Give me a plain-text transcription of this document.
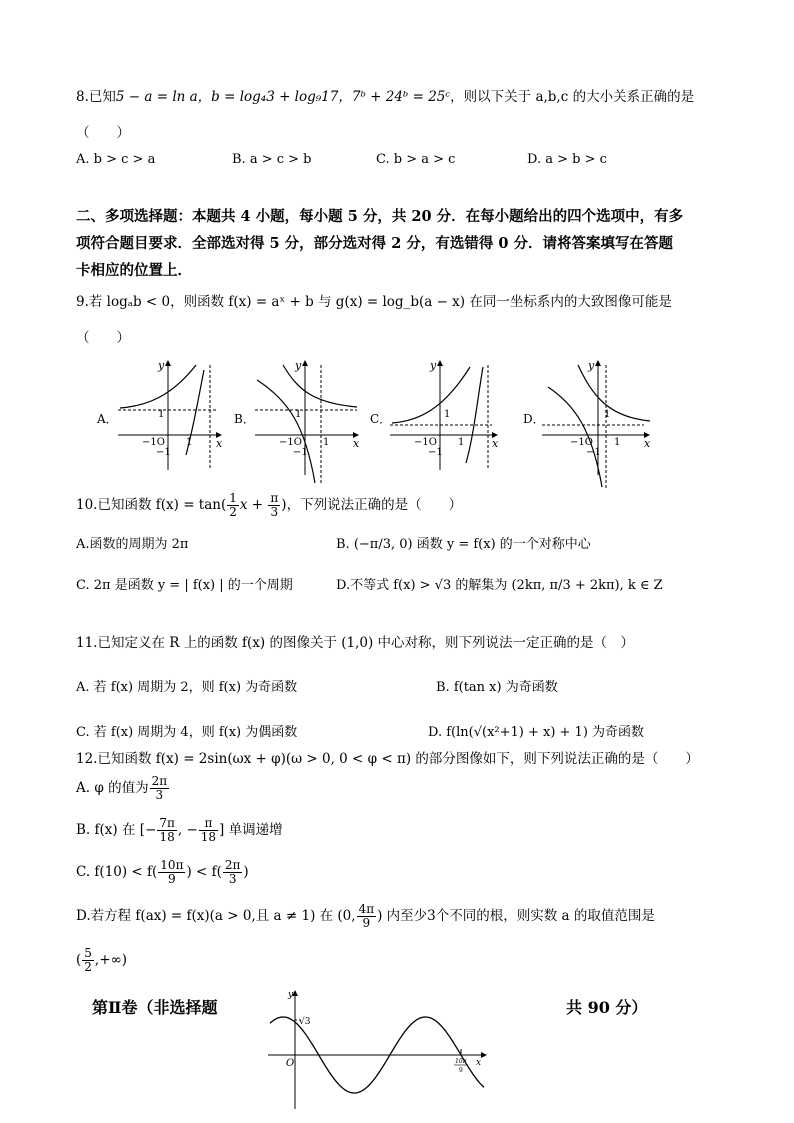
8.已知5 − a = ln a，b = log₄3 + log₉17，7ᵇ + 24ᵇ = 25ᶜ，则以下关于 a,b,c 的大小关系正确的是
（　　）
A. b > c > a	B. a > c > b	C. b > a > c	D. a > b > c
二、多项选择题：本题共 4 小题，每小题 5 分，共 20 分．在每小题给出的四个选项中，有多
项符合题目要求．全部选对得 5 分，部分选对得 2 分，有选错得 0 分．请将答案填写在答题
卡相应的位置上．
9.若 logₐb < 0，则函数 f(x) = aˣ + b 与 g(x) = log_b(a − x) 在同一坐标系内的大致图像可能是
（　　）
A．	B．	C．	D．
y
x
1
−1O 1
−1
y
x
1
−1O 1
−1
y
x
1
−1O 1
−1
y
x
1
−1O 1
−1
10.已知函数 $f(x) = \tan( \frac{1}{2}$ $x + \frac{\pi}{3}$ )，下列说法正确的是（　　）
A.函数的周期为 2π	B. (−π/3, 0) 函数 y = f(x) 的一个对称中心
C. 2π 是函数 y = | f(x) | 的一个周期	D.不等式 f(x) > √3 的解集为 (2kπ, π/3 + 2kπ), k ∈ Z
11.已知定义在 R 上的函数 f(x) 的图像关于 (1,0) 中心对称，则下列说法一定正确的是（　）
A. 若 f(x) 周期为 2，则 f(x) 为奇函数	B. f(tan x) 为奇函数
C. 若 f(x) 周期为 4，则 f(x) 为偶函数	D. f(ln(√(x²+1) + x) + 1) 为奇函数
12.已知函数 f(x) = 2sin(ωx + φ)(ω > 0, 0 < φ < π) 的部分图像如下，则下列说法正确的是（　　）
A. φ 的值为 $\frac{2\pi}{3}$
B. f(x) 在 [− $\frac{7\pi}{18}$ , − $\frac{\pi}{18}$ ] 单调递增
C. $f(10) < f( \frac{10\pi}{9}$ ) < $f( \frac{2\pi}{3}$ )
D.若方程 f(ax) = f(x)(a > 0,且 a ≠ 1) 在 (0, $\frac{4\pi}{9}$ ) 内至少3个不同的根，则实数 a 的取值范围是
( $\frac{5}{2}$ ,+∞)
第Ⅱ卷（非选择题	共 90 分）
y
x
O
√3
10π
9
